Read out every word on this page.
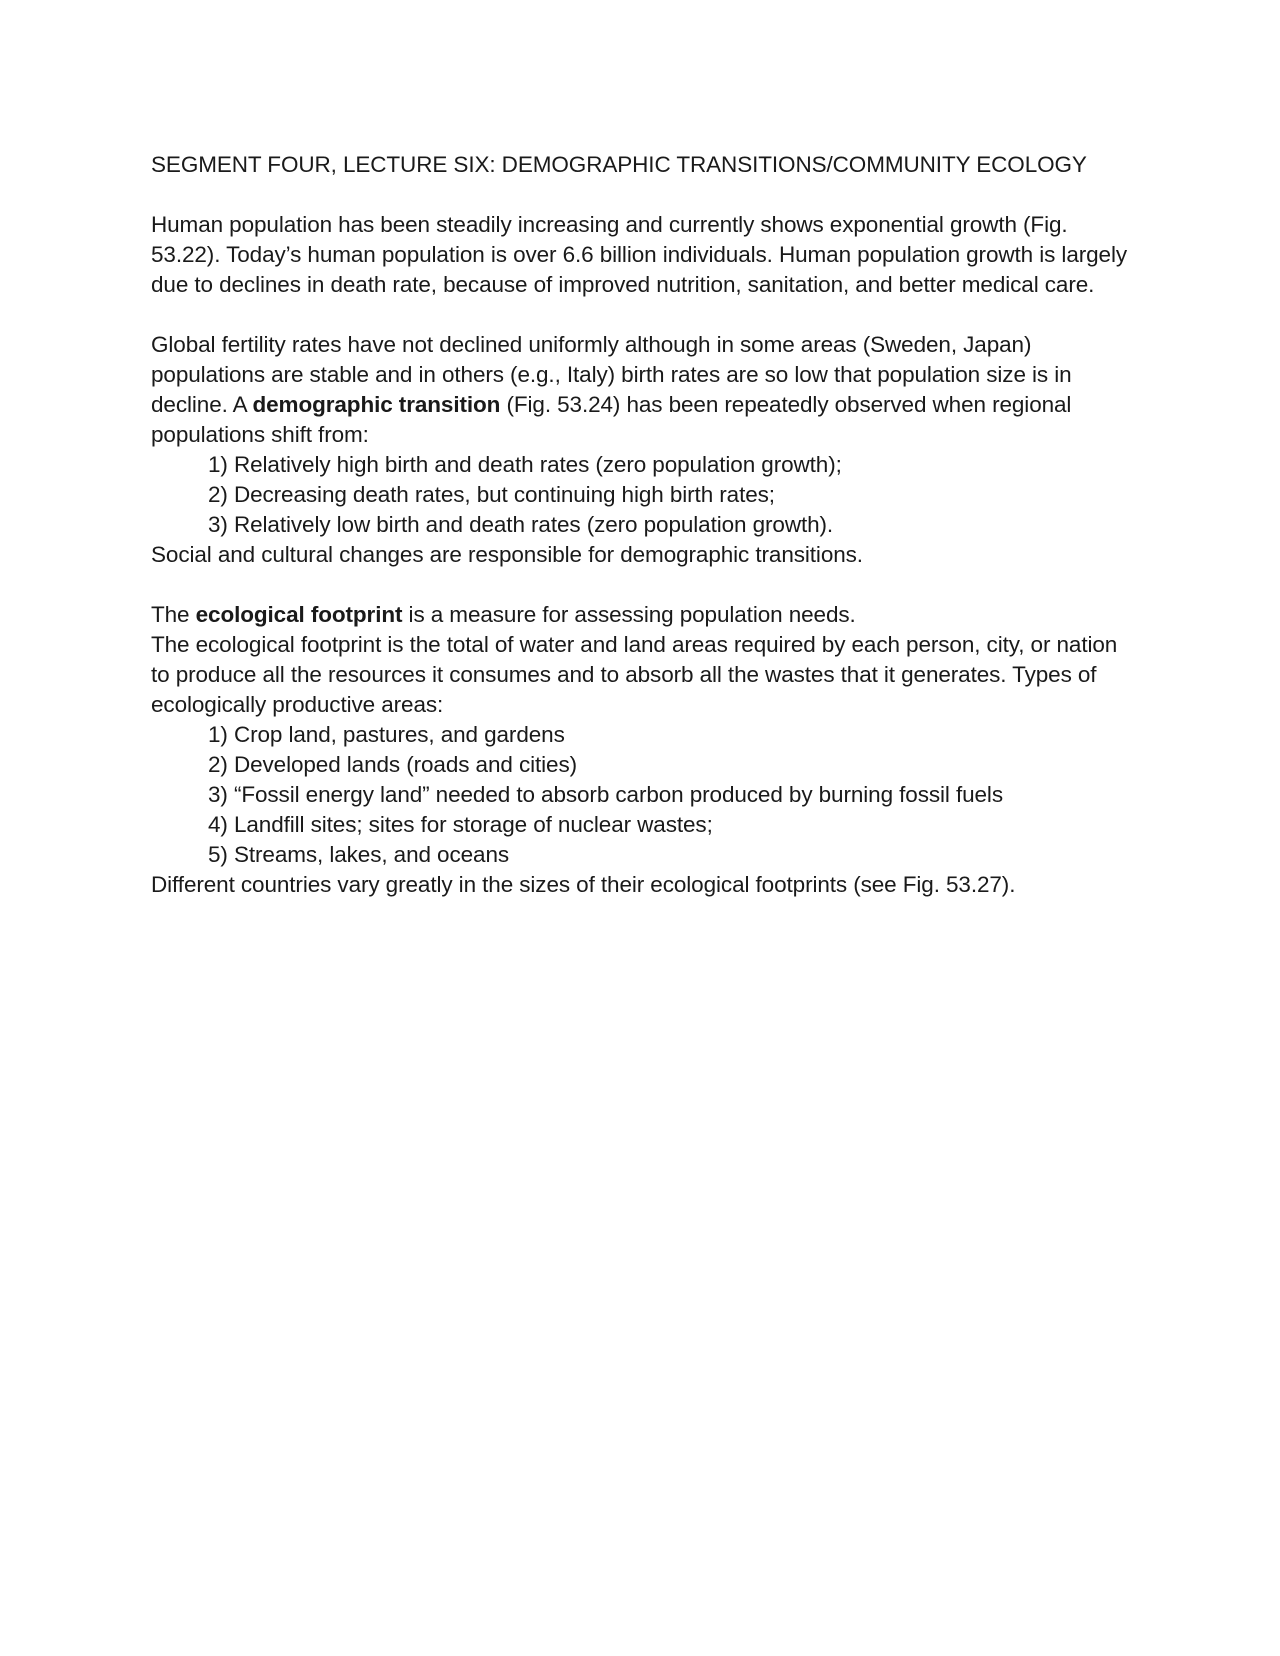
SEGMENT FOUR, LECTURE SIX: DEMOGRAPHIC TRANSITIONS/COMMUNITY ECOLOGY

Human population has been steadily increasing and currently shows exponential growth (Fig. 53.22). Today’s human population is over 6.6 billion individuals. Human population growth is largely due to declines in death rate, because of improved nutrition, sanitation, and better medical care.

Global fertility rates have not declined uniformly although in some areas (Sweden, Japan) populations are stable and in others (e.g., Italy) birth rates are so low that population size is in decline. A demographic transition (Fig. 53.24) has been repeatedly observed when regional populations shift from:

1) Relatively high birth and death rates (zero population growth);
2) Decreasing death rates, but continuing high birth rates;
3) Relatively low birth and death rates (zero population growth).

Social and cultural changes are responsible for demographic transitions.

The ecological footprint is a measure for assessing population needs.

The ecological footprint is the total of water and land areas required by each person, city, or nation to produce all the resources it consumes and to absorb all the wastes that it generates. Types of ecologically productive areas:

1) Crop land, pastures, and gardens
2) Developed lands (roads and cities)
3) “Fossil energy land” needed to absorb carbon produced by burning fossil fuels
4) Landfill sites; sites for storage of nuclear wastes;
5) Streams, lakes, and oceans

Different countries vary greatly in the sizes of their ecological footprints (see Fig. 53.27).
